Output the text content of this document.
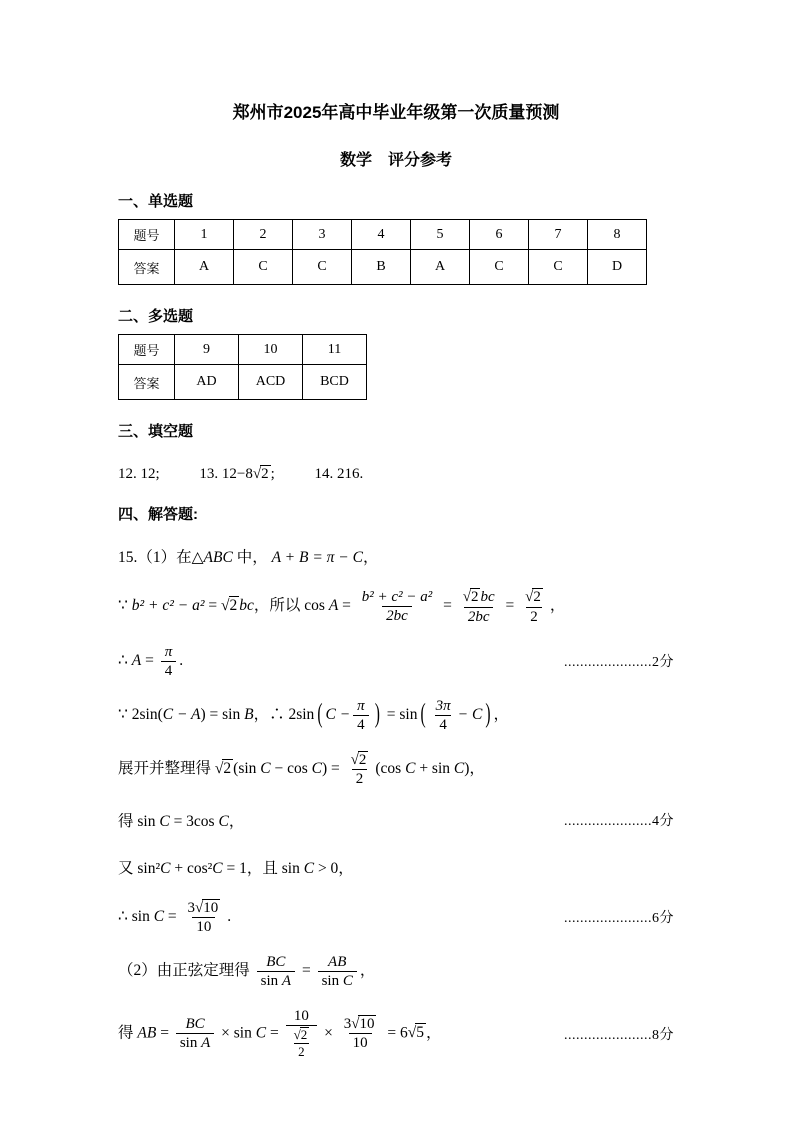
郑州市2025年高中毕业年级第一次质量预测
数学　评分参考
一、单选题
题号	1	2	3	4	5	6	7	8
答案	A	C	C	B	A	C	C	D
二、多选题
题号	9	10	11
答案	AD	ACD	BCD
三、填空题
12. 12;	13. 12−8 √ 2 ;	14. 216.
四、解答题:
15.（1）在△ABC 中， A + B = π − C，
∵ b² + c² − a² = √ 2 bc，所以 $\cos A = \frac{\text{b² + c² − a²}}{2bc} = \frac{√ 2 bc}{2bc} = \frac{√ 2}{2}$ ，
∴ $A = \frac{\pi}{4}$ .	......................2分
∵ 2sin(C − A) = sin B，∴ 2sin ( $C - \frac{\pi}{4}$ ) = sin ( $\frac{3\pi}{4} - C$ ) ，
展开并整理得 √ 2 (sin $C - \cos C) = \frac{√ 2}{2} (\cos$ C + sin C)，
得 sin C = 3cos C，	......................4分
又 sin²C + cos²C = 1，且 sin C > 0，
∴ $\sin C = \frac{3 √ 10}{10}$ .	......................6分
（2）由正弦定理得 $\frac{BC}{\text{sin A}} = \frac{AB}{\text{sin C}}$ ，
得 AB = $\frac{BC}{\text{sin A}} \times \sin C = \frac{10}{\frac{√ 2}{2}} \times \frac{3 √ 10}{10} = 6$ √ 5 ，	......................8分
